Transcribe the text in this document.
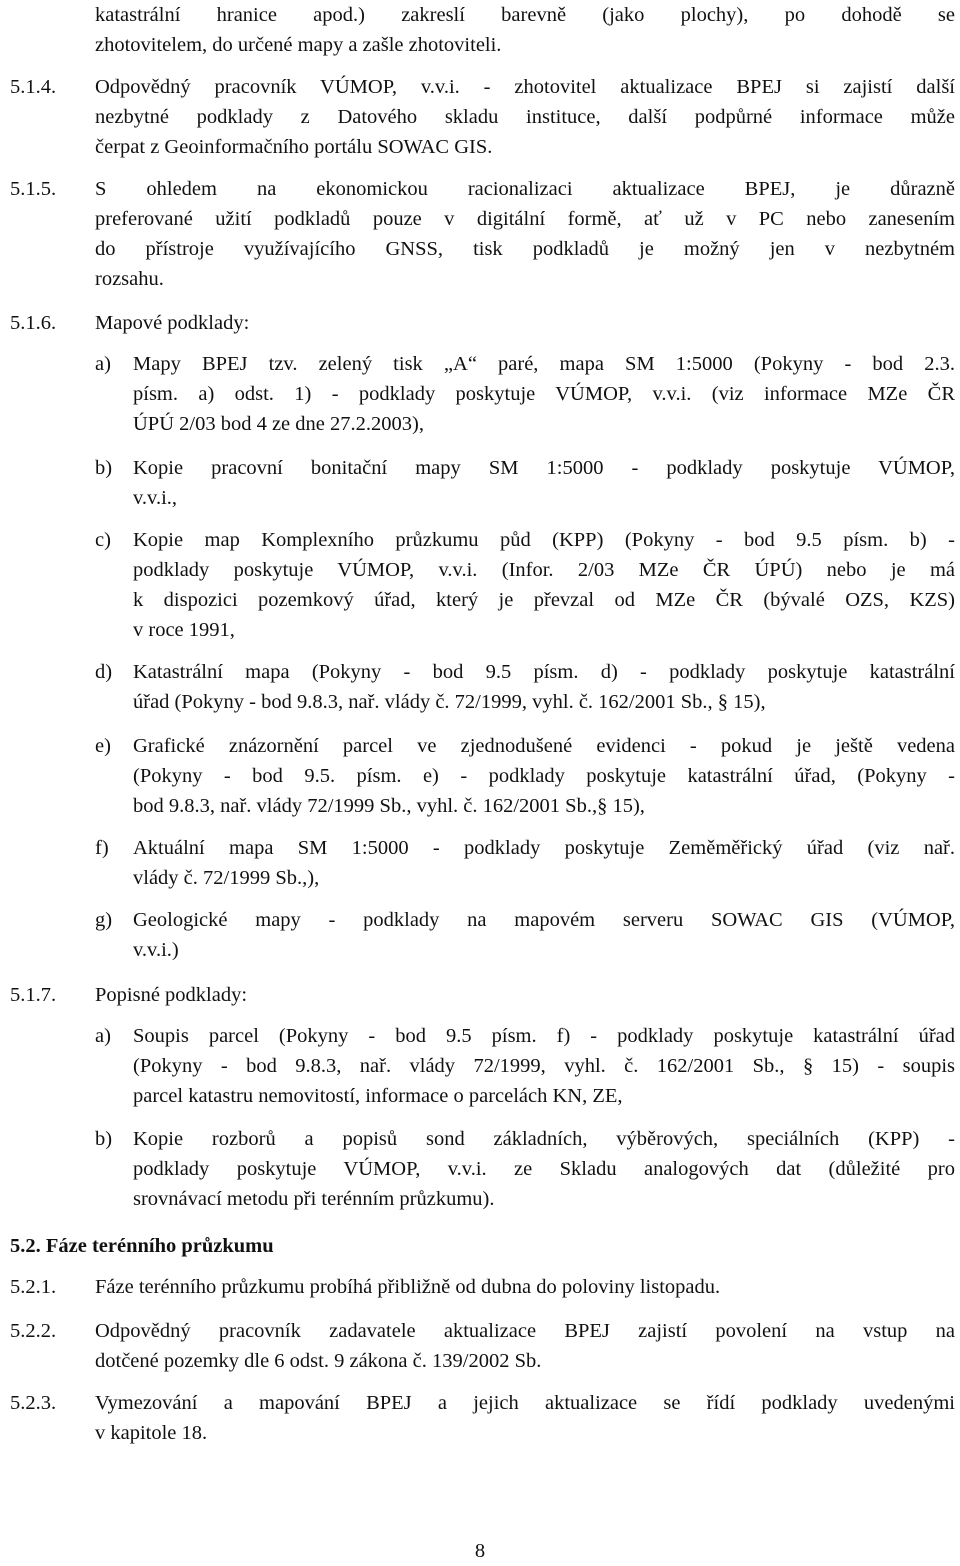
katastrální hranice apod.) zakreslí barevně (jako plochy), po dohodě se
zhotovitelem, do určené mapy a zašle zhotoviteli.
5.1.4. Odpovědný pracovník VÚMOP, v.v.i. - zhotovitel aktualizace BPEJ si zajistí další
nezbytné podklady z Datového skladu instituce, další podpůrné informace může
čerpat z Geoinformačního portálu SOWAC GIS.
5.1.5. S ohledem na ekonomickou racionalizaci aktualizace BPEJ, je důrazně
preferované užití podkladů pouze v digitální formě, ať už v PC nebo zanesením
do přístroje využívajícího GNSS, tisk podkladů je možný jen v nezbytném
rozsahu.
5.1.6. Mapové podklady:
a) Mapy BPEJ tzv. zelený tisk „A“ paré, mapa SM 1:5000 (Pokyny - bod 2.3.
písm. a) odst. 1) - podklady poskytuje VÚMOP, v.v.i. (viz informace MZe ČR
ÚPÚ 2/03 bod 4 ze dne 27.2.2003),
b) Kopie pracovní bonitační mapy SM 1:5000 - podklady poskytuje VÚMOP,
v.v.i.,
c) Kopie map Komplexního průzkumu půd (KPP) (Pokyny - bod 9.5 písm. b) -
podklady poskytuje VÚMOP, v.v.i. (Infor. 2/03 MZe ČR ÚPÚ) nebo je má
k dispozici pozemkový úřad, který je převzal od MZe ČR (bývalé OZS, KZS)
v roce 1991,
d) Katastrální mapa (Pokyny - bod 9.5 písm. d) - podklady poskytuje katastrální
úřad (Pokyny - bod 9.8.3, nař. vlády č. 72/1999, vyhl. č. 162/2001 Sb., § 15),
e) Grafické znázornění parcel ve zjednodušené evidenci - pokud je ještě vedena
(Pokyny - bod 9.5. písm. e) - podklady poskytuje katastrální úřad, (Pokyny -
bod 9.8.3, nař. vlády 72/1999 Sb., vyhl. č. 162/2001 Sb.,§ 15),
f) Aktuální mapa SM 1:5000 - podklady poskytuje Zeměměřický úřad (viz nař.
vlády č. 72/1999 Sb.,),
g) Geologické mapy - podklady na mapovém serveru SOWAC GIS (VÚMOP,
v.v.i.)
5.1.7. Popisné podklady:
a) Soupis parcel (Pokyny - bod 9.5 písm. f) - podklady poskytuje katastrální úřad
(Pokyny - bod 9.8.3, nař. vlády 72/1999, vyhl. č. 162/2001 Sb., § 15) - soupis
parcel katastru nemovitostí, informace o parcelách KN, ZE,
b) Kopie rozborů a popisů sond základních, výběrových, speciálních (KPP) -
podklady poskytuje VÚMOP, v.v.i. ze Skladu analogových dat (důležité pro
srovnávací metodu při terénním průzkumu).
5.2. Fáze terénního průzkumu
5.2.1. Fáze terénního průzkumu probíhá přibližně od dubna do poloviny listopadu.
5.2.2. Odpovědný pracovník zadavatele aktualizace BPEJ zajistí povolení na vstup na
dotčené pozemky dle 6 odst. 9 zákona č. 139/2002 Sb.
5.2.3. Vymezování a mapování BPEJ a jejich aktualizace se řídí podklady uvedenými
v kapitole 18.
8
